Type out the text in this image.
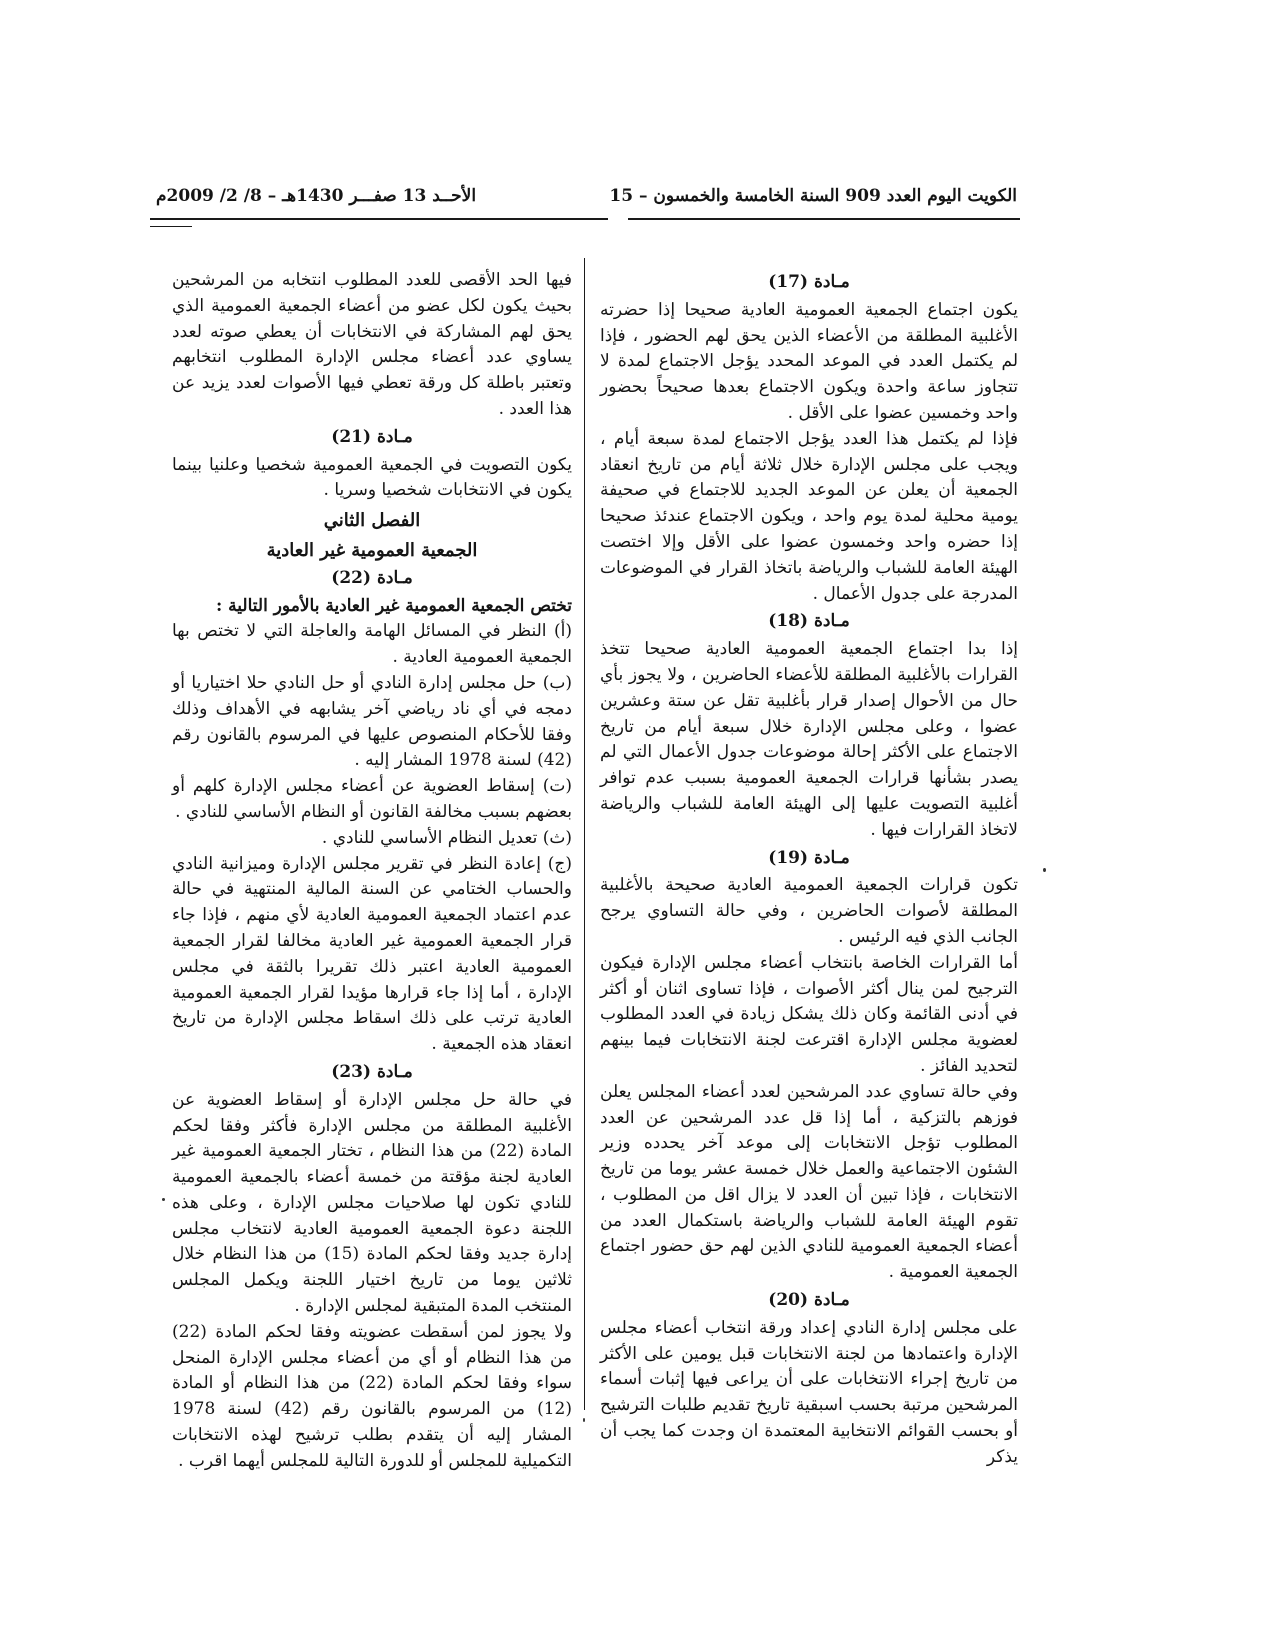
الكويت اليوم العدد 909 السنة الخامسة والخمسون – 15
الأحــد 13 صفـــر 1430هـ – 8/ 2/ 2009م
مـادة (17)

يكون اجتماع الجمعية العمومية العادية صحيحا إذا حضرته الأغلبية المطلقة من الأعضاء الذين يحق لهم الحضور ، فإذا لم يكتمل العدد في الموعد المحدد يؤجل الاجتماع لمدة لا تتجاوز ساعة واحدة ويكون الاجتماع بعدها صحيحاً بحضور واحد وخمسين عضوا على الأقل .

فإذا لم يكتمل هذا العدد يؤجل الاجتماع لمدة سبعة أيام ، ويجب على مجلس الإدارة خلال ثلاثة أيام من تاريخ انعقاد الجمعية أن يعلن عن الموعد الجديد للاجتماع في صحيفة يومية محلية لمدة يوم واحد ، ويكون الاجتماع عندئذ صحيحا إذا حضره واحد وخمسون عضوا على الأقل وإلا اختصت الهيئة العامة للشباب والرياضة باتخاذ القرار في الموضوعات المدرجة على جدول الأعمال .

مـادة (18)

إذا بدا اجتماع الجمعية العمومية العادية صحيحا تتخذ القرارات بالأغلبية المطلقة للأعضاء الحاضرين ، ولا يجوز بأي حال من الأحوال إصدار قرار بأغلبية تقل عن ستة وعشرين عضوا ، وعلى مجلس الإدارة خلال سبعة أيام من تاريخ الاجتماع على الأكثر إحالة موضوعات جدول الأعمال التي لم يصدر بشأنها قرارات الجمعية العمومية بسبب عدم توافر أغلبية التصويت عليها إلى الهيئة العامة للشباب والرياضة لاتخاذ القرارات فيها .

مـادة (19)

تكون قرارات الجمعية العمومية العادية صحيحة بالأغلبية المطلقة لأصوات الحاضرين ، وفي حالة التساوي يرجح الجانب الذي فيه الرئيس .

أما القرارات الخاصة بانتخاب أعضاء مجلس الإدارة فيكون الترجيح لمن ينال أكثر الأصوات ، فإذا تساوى اثنان أو أكثر في أدنى القائمة وكان ذلك يشكل زيادة في العدد المطلوب لعضوية مجلس الإدارة اقترعت لجنة الانتخابات فيما بينهم لتحديد الفائز .

وفي حالة تساوي عدد المرشحين لعدد أعضاء المجلس يعلن فوزهم بالتزكية ، أما إذا قل عدد المرشحين عن العدد المطلوب تؤجل الانتخابات إلى موعد آخر يحدده وزير الشئون الاجتماعية والعمل خلال خمسة عشر يوما من تاريخ الانتخابات ، فإذا تبين أن العدد لا يزال اقل من المطلوب ، تقوم الهيئة العامة للشباب والرياضة باستكمال العدد من أعضاء الجمعية العمومية للنادي الذين لهم حق حضور اجتماع الجمعية العمومية .

مـادة (20)

على مجلس إدارة النادي إعداد ورقة انتخاب أعضاء مجلس الإدارة واعتمادها من لجنة الانتخابات قبل يومين على الأكثر من تاريخ إجراء الانتخابات على أن يراعى فيها إثبات أسماء المرشحين مرتبة بحسب اسبقية تاريخ تقديم طلبات الترشيح أو بحسب القوائم الانتخابية المعتمدة ان وجدت كما يجب أن يذكر

فيها الحد الأقصى للعدد المطلوب انتخابه من المرشحين بحيث يكون لكل عضو من أعضاء الجمعية العمومية الذي يحق لهم المشاركة في الانتخابات أن يعطي صوته لعدد يساوي عدد أعضاء مجلس الإدارة المطلوب انتخابهم وتعتبر باطلة كل ورقة تعطي فيها الأصوات لعدد يزيد عن هذا العدد .

مـادة (21)

يكون التصويت في الجمعية العمومية شخصيا وعلنيا بينما يكون في الانتخابات شخصيا وسريا .

الفصل الثاني
الجمعية العمومية غير العادية
مـادة (22)

تختص الجمعية العمومية غير العادية بالأمور التالية :

(أ) النظر في المسائل الهامة والعاجلة التي لا تختص بها الجمعية العمومية العادية .

(ب) حل مجلس إدارة النادي أو حل النادي حلا اختياريا أو دمجه في أي ناد رياضي آخر يشابهه في الأهداف وذلك وفقا للأحكام المنصوص عليها في المرسوم بالقانون رقم (42) لسنة 1978 المشار إليه .

(ت) إسقاط العضوية عن أعضاء مجلس الإدارة كلهم أو بعضهم بسبب مخالفة القانون أو النظام الأساسي للنادي .

(ث) تعديل النظام الأساسي للنادي .

(ج) إعادة النظر في تقرير مجلس الإدارة وميزانية النادي والحساب الختامي عن السنة المالية المنتهية في حالة عدم اعتماد الجمعية العمومية العادية لأي منهم ، فإذا جاء قرار الجمعية العمومية غير العادية مخالفا لقرار الجمعية العمومية العادية اعتبر ذلك تقريرا بالثقة في مجلس الإدارة ، أما إذا جاء قرارها مؤيدا لقرار الجمعية العمومية العادية ترتب على ذلك اسقاط مجلس الإدارة من تاريخ انعقاد هذه الجمعية .

مـادة (23)

في حالة حل مجلس الإدارة أو إسقاط العضوية عن الأغلبية المطلقة من مجلس الإدارة فأكثر وفقا لحكم المادة (22) من هذا النظام ، تختار الجمعية العمومية غير العادية لجنة مؤقتة من خمسة أعضاء بالجمعية العمومية للنادي تكون لها صلاحيات مجلس الإدارة ، وعلى هذه اللجنة دعوة الجمعية العمومية العادية لانتخاب مجلس إدارة جديد وفقا لحكم المادة (15) من هذا النظام خلال ثلاثين يوما من تاريخ اختيار اللجنة ويكمل المجلس المنتخب المدة المتبقية لمجلس الإدارة .

ولا يجوز لمن أسقطت عضويته وفقا لحكم المادة (22) من هذا النظام أو أي من أعضاء مجلس الإدارة المنحل سواء وفقا لحكم المادة (22) من هذا النظام أو المادة (12) من المرسوم بالقانون رقم (42) لسنة 1978 المشار إليه أن يتقدم بطلب ترشيح لهذه الانتخابات التكميلية للمجلس أو للدورة التالية للمجلس أيهما اقرب .
